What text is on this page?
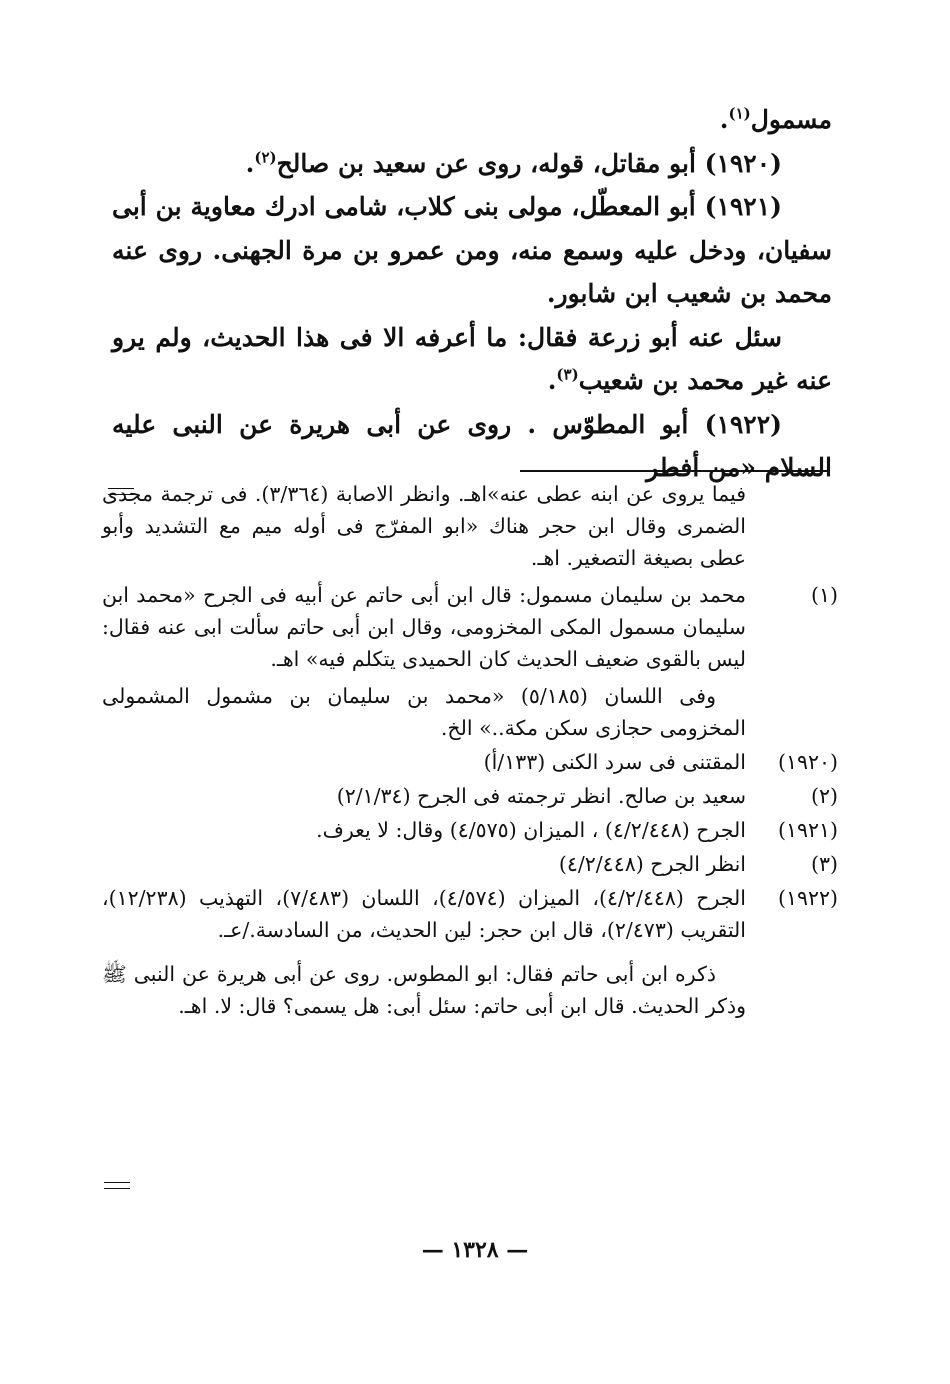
مسمول$^{(١)}$.

(١٩٢٠) أبو مقاتل، قوله، روى عن سعيد بن صالح$^{(٢)}$.

(١٩٢١) أبو المعطّل، مولى بنى كلاب، شامى ادرك معاوية بن أبى سفيان، ودخل عليه وسمع منه، ومن عمرو بن مرة الجهنى. روى عنه محمد بن شعيب ابن شابور.

سئل عنه أبو زرعة فقال: ما أعرفه الا فى هذا الحديث، ولم يرو عنه غير محمد بن شعيب$^{(٣)}$.

(١٩٢٢) أبو المطوّس . روى عن أبى هريرة عن النبى عليه السلام «من أفطر

فيما يروى عن ابنه عطى عنه»اهـ. وانظر الاصابة (٣/٣٦٤). فى ترجمة مجدى الضمرى وقال ابن حجر هناك «ابو المفرّج فى أوله ميم مع التشديد وأبو عطى بصيغة التصغير. اهـ.
(١)
محمد بن سليمان مسمول: قال ابن أبى حاتم عن أبيه فى الجرح «محمد ابن سليمان مسمول المكى المخزومى، وقال ابن أبى حاتم سألت ابى عنه فقال: ليس بالقوى ضعيف الحديث كان الحميدى يتكلم فيه» اهـ.
وفى اللسان (٥/١٨٥) «محمد بن سليمان بن مشمول المشمولى المخزومى حجازى سكن مكة..» الخ.
(١٩٢٠)
المقتنى فى سرد الكنى (١٣٣/أ)
(٢)
سعيد بن صالح. انظر ترجمته فى الجرح (٢/١/٣٤)
(١٩٢١)
الجرح (٤/٢/٤٤٨) ، الميزان (٤/٥٧٥) وقال: لا يعرف.
(٣)
انظر الجرح (٤/٢/٤٤٨)
(١٩٢٢)
الجرح (٤/٢/٤٤٨)، الميزان (٤/٥٧٤)، اللسان (٧/٤٨٣)، التهذيب (١٢/٢٣٨)، التقريب (٢/٤٧٣)، قال ابن حجر: لين الحديث، من السادسة./عـ.
ذكره ابن أبى حاتم فقال: ابو المطوس. روى عن أبى هريرة عن النبى ﷺ وذكر الحديث. قال ابن أبى حاتم: سئل أبى: هل يسمى؟ قال: لا. اهـ.
— ١٣٢٨ —
